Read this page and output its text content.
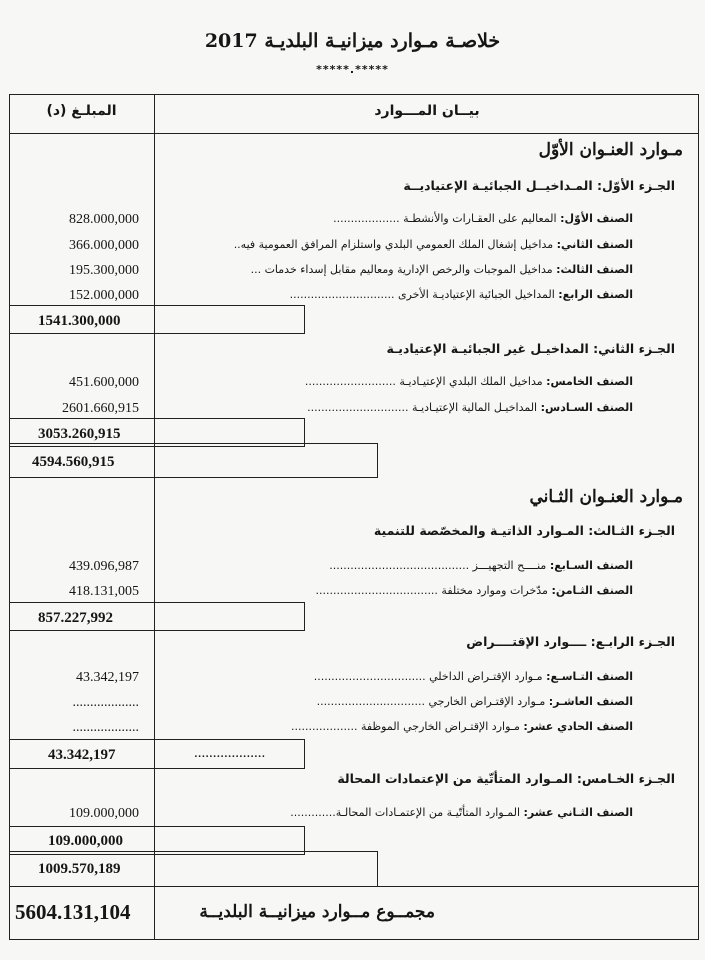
خلاصـة مـوارد ميزانيـة البلديـة 2017
*****.*****
بيــان المـــوارد
المبلـغ (د)
مـوارد العنـوان الأوّل
الجـزء الأوّل: المـداخيــل الجبائيـة الإعتياديــة
الصنف الأوّل: المعاليم على العقـارات والأنشطـة ...................
828.000,000
الصنف الثاني: مداخيل إشغال الملك العمومي البلدي واستلزام المرافق العمومية فيه..
366.000,000
الصنف الثالث: مداخيل الموجبات والرخص الإدارية ومعاليم مقابل إسداء خدمات ...
195.300,000
الصنف الرابع: المداخيل الجبائية الإعتياديـة الأخرى ..............................
152.000,000
1541.300,000
الجـزء الثاني: المداخيـل غير الجبائيـة الإعتياديـة
الصنف الخامس: مداخيل الملك البلدي الإعتيـاديـة ..........................
451.600,000
الصنف السـادس: المداخيـل المالية الإعتيـاديـة .............................
2601.660,915
3053.260,915
4594.560,915
مـوارد العنـوان الثـاني
الجـزء الثـالث: المـوارد الذاتيـة والمخصّصة للتنمية
الصنف السـابع: منــــح التجهيـــز ........................................
439.096,987
الصنف الثـامن: مدّخرات وموارد مختلفة ...................................
418.131,005
857.227,992
الجـزء الرابـع: ــــوارد الإقتــــراض
الصنف التـاسـع: مـوارد الإقتـراض الداخلي ................................
43.342,197
الصنف العاشـر: مـوارد الإقتـراض الخارجي ...............................
...................
الصنف الحادي عشر: مـوارد الإقتـراض الخارجي الموظفة ...................
...................
43.342,197	...................
الجـزء الخـامس: المـوارد المتأتّية من الإعتمادات المحالة
الصنف الثـاني عشر: المـوارد المتأتّيـة من الإعتمـادات المحالـة.............
109.000,000
109.000,000
1009.570,189
مجمــوع مــوارد ميزانيــة البلديــة
5604.131,104
